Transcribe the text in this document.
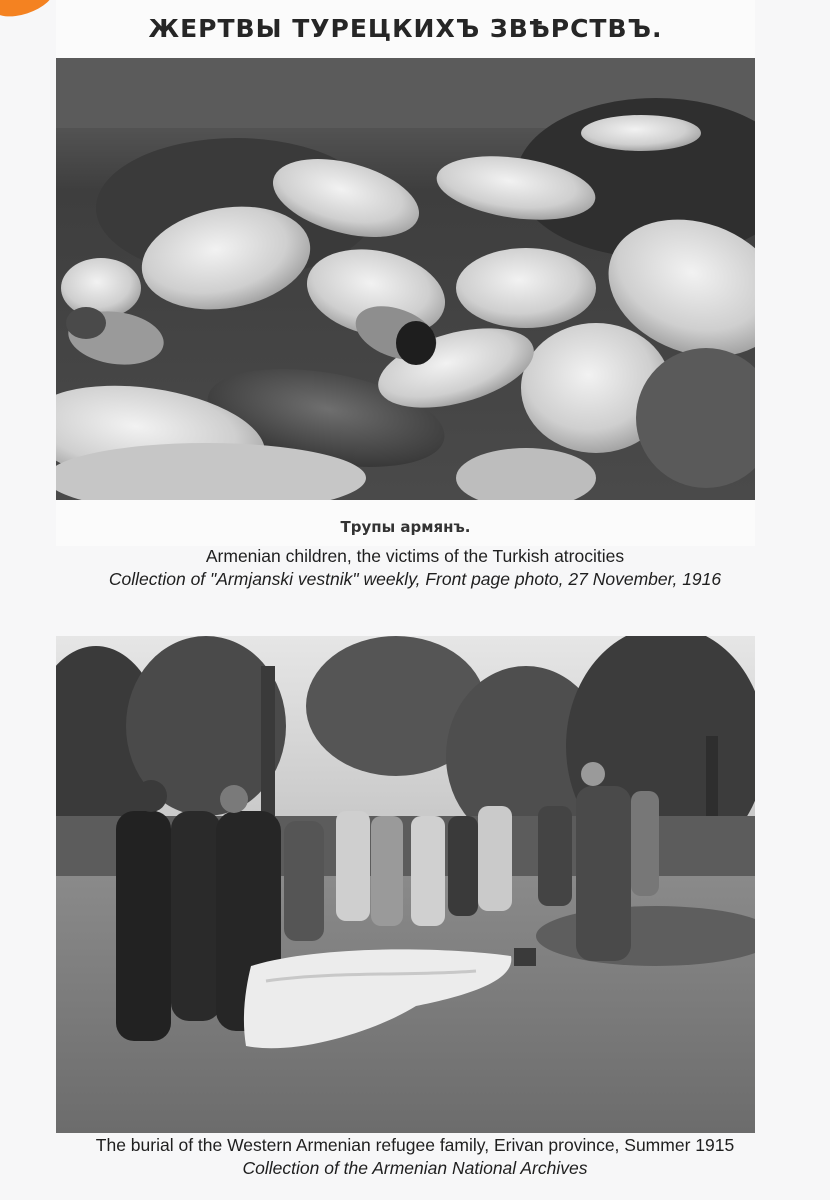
ЖЕРТВЫ ТУРЕЦКИХЪ ЗВѢРСТВЪ.
Трупы армянъ.
Armenian children, the victims of the Turkish atrocities
Collection of "Armjanski vestnik" weekly, Front page photo, 27 November, 1916
The burial of the Western Armenian refugee family, Erivan province, Summer 1915
Collection of the Armenian National Archives
